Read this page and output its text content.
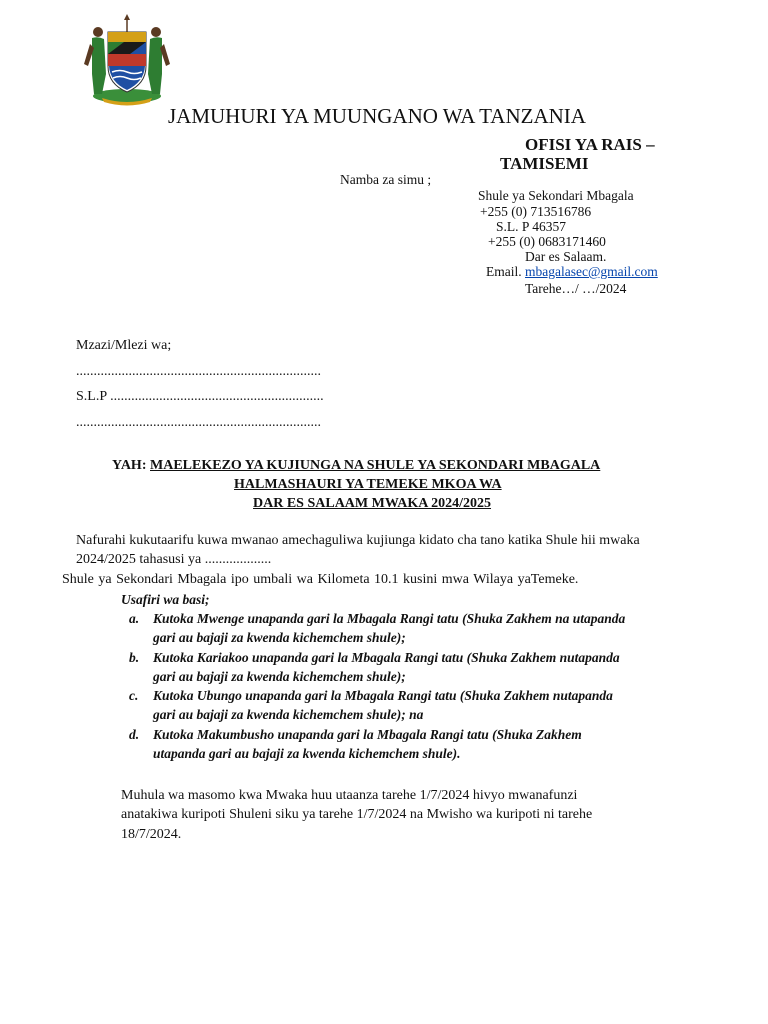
JAMUHURI YA MUUNGANO WA TANZANIA
OFISI YA RAIS –
TAMISEMI
Namba za simu ;
Shule ya Sekondari Mbagala
+255 (0) 713516786
S.L. P 46357
+255 (0) 0683171460
Dar es Salaam.
Email. mbagalasec@gmail.com
Tarehe…/ …/2024
Mzazi/Mlezi wa;
......................................................................
S.L.P .............................................................
......................................................................
YAH: MAELEKEZO YA KUJIUNGA NA SHULE YA SEKONDARI MBAGALA
HALMASHAURI YA TEMEKE MKOA WA
DAR ES SALAAM MWAKA 2024/2025
Nafurahi kukutaarifu kuwa mwanao amechaguliwa kujiunga kidato cha tano katika Shule hii mwaka
2024/2025 tahasusi ya ...................
Shule ya Sekondari Mbagala ipo umbali wa Kilometa 10.1 kusini mwa Wilaya yaTemeke.
Usafiri wa basi;
a. Kutoka Mwenge unapanda gari la Mbagala Rangi tatu (Shuka Zakhem na utapanda
gari au bajaji za kwenda kichemchem shule);
b. Kutoka Kariakoo unapanda gari la Mbagala Rangi tatu (Shuka Zakhem nutapanda
gari au bajaji za kwenda kichemchem shule);
c. Kutoka Ubungo unapanda gari la Mbagala Rangi tatu (Shuka Zakhem nutapanda
gari au bajaji za kwenda kichemchem shule); na
d. Kutoka Makumbusho unapanda gari la Mbagala Rangi tatu (Shuka Zakhem
utapanda gari au bajaji za kwenda kichemchem shule).
Muhula wa masomo kwa Mwaka huu utaanza tarehe 1/7/2024 hivyo mwanafunzi
anatakiwa kuripoti Shuleni siku ya tarehe 1/7/2024 na Mwisho wa kuripoti ni tarehe
18/7/2024.
